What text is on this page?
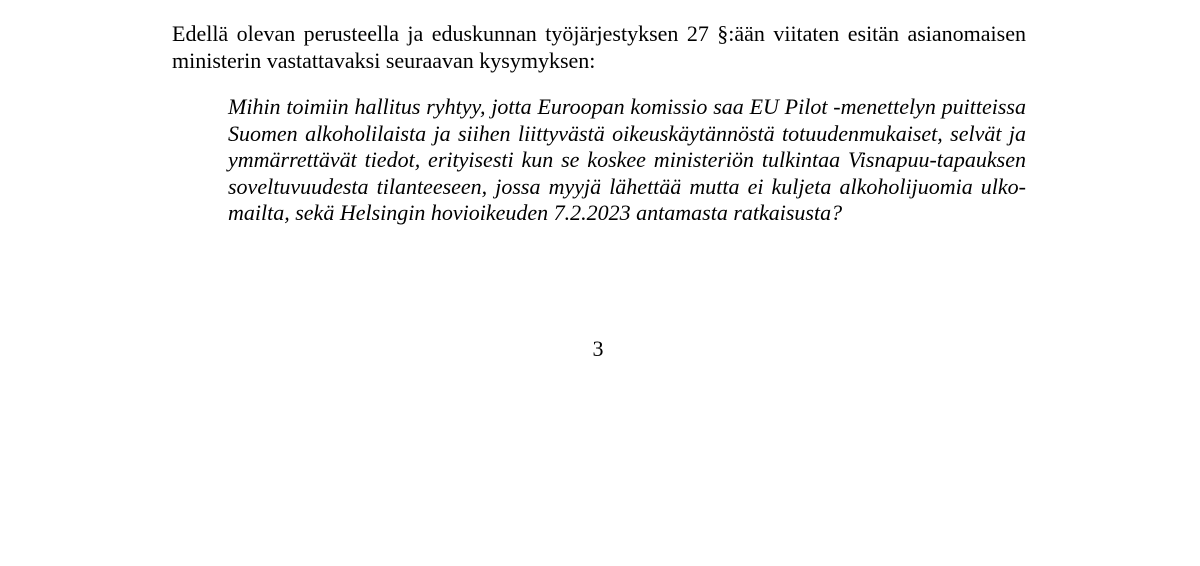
Edellä olevan perusteella ja eduskunnan työjärjestyksen 27 §:ään viitaten esitän asianomaisen
ministerin vastattavaksi seuraavan kysymyksen:

Mihin toimiin hallitus ryhtyy, jotta Euroopan komissio saa EU Pilot -menettelyn puitteissa
Suomen alkoholilaista ja siihen liittyvästä oikeuskäytännöstä totuudenmukaiset, selvät ja
ymmärrettävät tiedot, erityisesti kun se koskee ministeriön tulkintaa Visnapuu-tapauksen
soveltuvuudesta tilanteeseen, jossa myyjä lähettää mutta ei kuljeta alkoholijuomia ulko-
mailta, sekä Helsingin hovioikeuden 7.2.2023 antamasta ratkaisusta?

3
